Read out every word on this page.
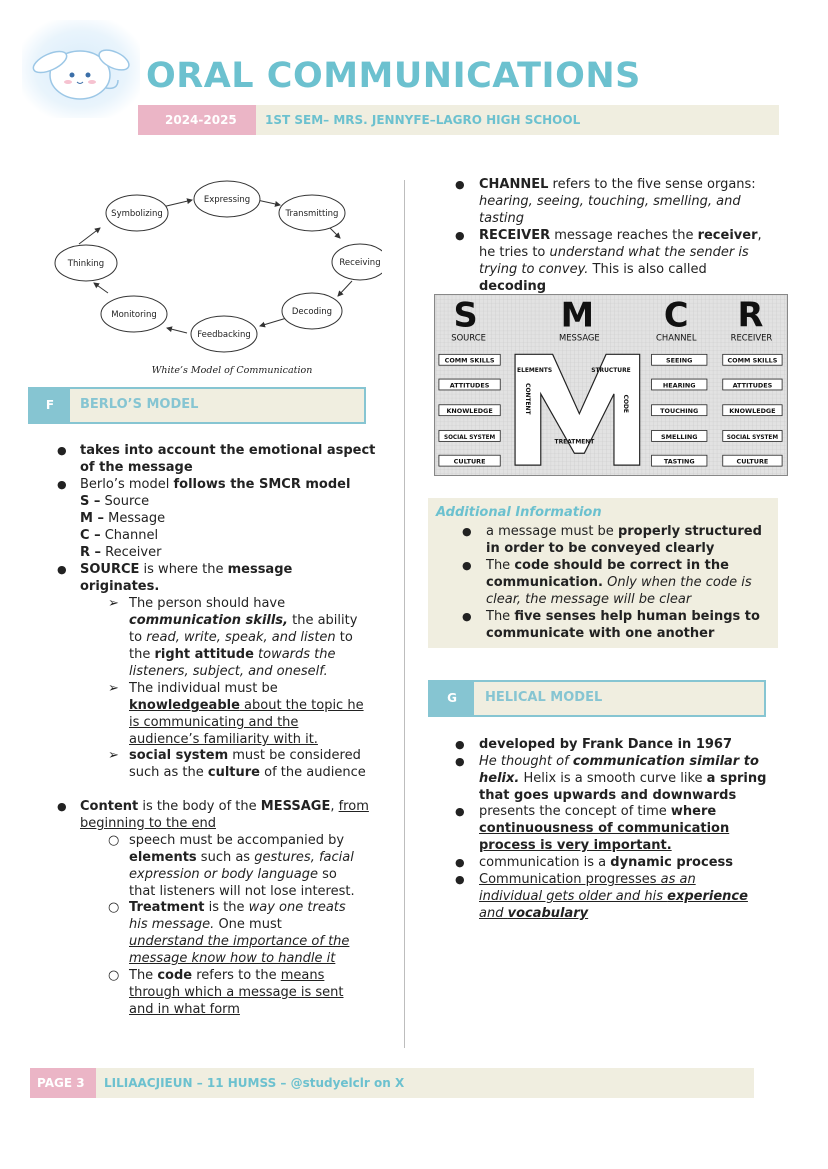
ORAL COMMUNICATIONS
2024-2025 1ST SEM– MRS. JENNYFE–LAGRO HIGH SCHOOL
Expressing
Transmitting
Receiving
Decoding
Feedbacking
Monitoring
Thinking
Symbolizing
White’s Model of Communication
F	BERLO’S MODEL
● takes into account the emotional aspect
of the message
● Berlo’s model follows the SMCR model
S – Source
M – Message
C – Channel
R – Receiver
● SOURCE is where the message
originates.
➢ The person should have
communication skills, the ability
to read, write, speak, and listen to
the right attitude towards the
listeners, subject, and oneself.
➢ The individual must be
knowledgeable about the topic he
is communicating and the
audience’s familiarity with it.
➢ social system must be considered
such as the culture of the audience
● Content is the body of the MESSAGE, from
beginning to the end
○ speech must be accompanied by
elements such as gestures, facial
expression or body language so
that listeners will not lose interest.
○ Treatment is the way one treats
his message. One must
understand the importance of the
message know how to handle it
○ The code refers to the means
through which a message is sent
and in what form
● CHANNEL refers to the five sense organs:
hearing, seeing, touching, smelling, and
tasting
● RECEIVER message reaches the receiver,
he tries to understand what the sender is
trying to convey. This is also called
decoding
S M C R
SOURCE	MESSAGE	CHANNEL	RECEIVER
ELEMENTS	STRUCTURE
CONTENT	CODE
TREATMENT
COMM SKILLS
ATTITUDES
KNOWLEDGE
SOCIAL SYSTEM
CULTURE
SEEING
HEARING
TOUCHING
SMELLING
TASTING
COMM SKILLS
ATTITUDES
KNOWLEDGE
SOCIAL SYSTEM
CULTURE
Additional Information
● a message must be properly structured
in order to be conveyed clearly
● The code should be correct in the
communication. Only when the code is
clear, the message will be clear
● The five senses help human beings to
communicate with one another
G	HELICAL MODEL
● developed by Frank Dance in 1967
● He thought of communication similar to
helix. Helix is a smooth curve like a spring
that goes upwards and downwards
● presents the concept of time where
continuousness of communication
process is very important.
● communication is a dynamic process
● Communication progresses as an
individual gets older and his experience
and vocabulary
PAGE 3 LILIAACJIEUN – 11 HUMSS – @studyelclr on X
